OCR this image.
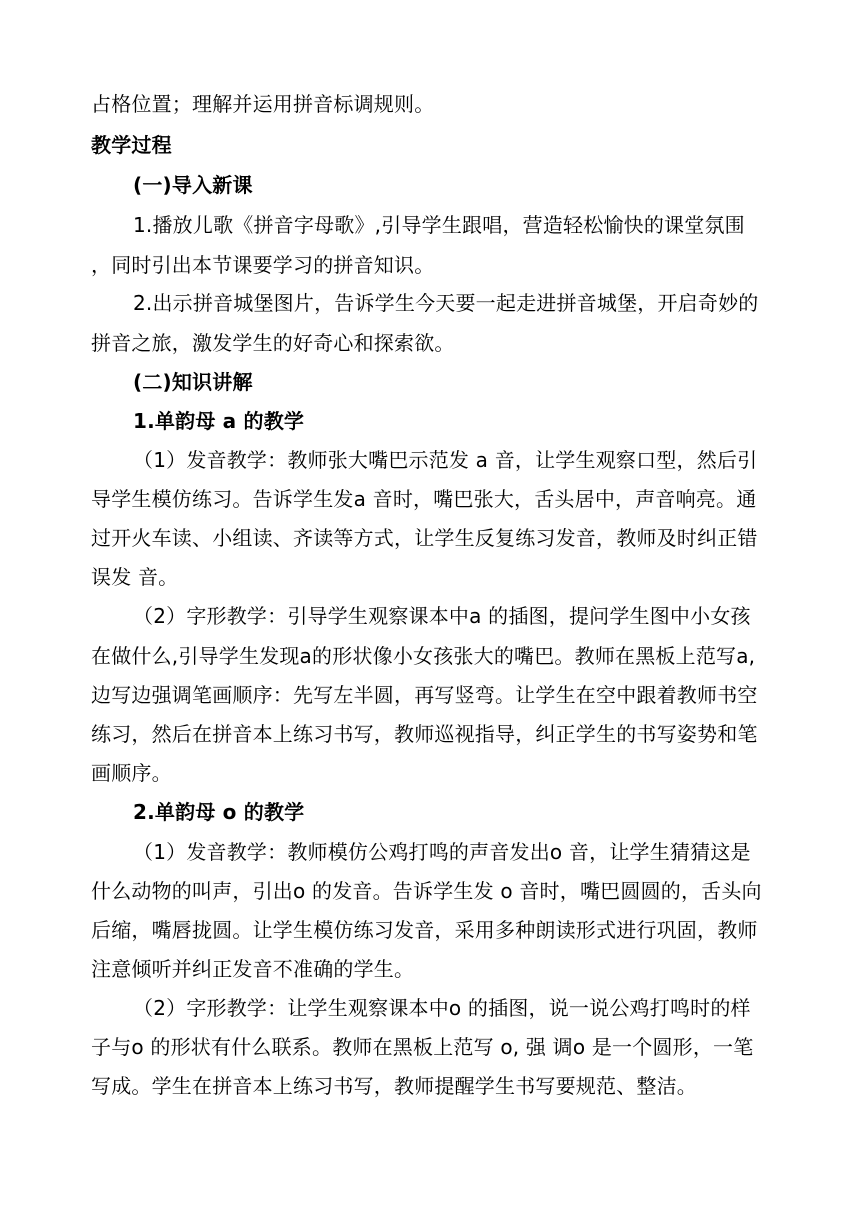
占格位置；理解并运用拼音标调规则。
教学过程
(一)导入新课
1.播放儿歌《拼音字母歌》,引导学生跟唱，营造轻松愉快的课堂氛围
，同时引出本节课要学习的拼音知识。
2.出示拼音城堡图片，告诉学生今天要一起走进拼音城堡，开启奇妙的
拼音之旅，激发学生的好奇心和探索欲。
(二)知识讲解
1.单韵母 a 的教学
（1）发音教学：教师张大嘴巴示范发 a 音，让学生观察口型，然后引
导学生模仿练习。告诉学生发a 音时，嘴巴张大，舌头居中，声音响亮。通
过开火车读、小组读、齐读等方式，让学生反复练习发音，教师及时纠正错
误发 音。
（2）字形教学：引导学生观察课本中a 的插图，提问学生图中小女孩
在做什么,引导学生发现a的形状像小女孩张大的嘴巴。教师在黑板上范写a,
边写边强调笔画顺序：先写左半圆，再写竖弯。让学生在空中跟着教师书空
练习，然后在拼音本上练习书写，教师巡视指导，纠正学生的书写姿势和笔
画顺序。
2.单韵母 o 的教学
（1）发音教学：教师模仿公鸡打鸣的声音发出o 音，让学生猜猜这是
什么动物的叫声，引出o 的发音。告诉学生发 o 音时，嘴巴圆圆的，舌头向
后缩，嘴唇拢圆。让学生模仿练习发音，采用多种朗读形式进行巩固，教师
注意倾听并纠正发音不准确的学生。
（2）字形教学：让学生观察课本中o 的插图，说一说公鸡打鸣时的样
子与o 的形状有什么联系。教师在黑板上范写 o, 强 调o 是一个圆形，一笔
写成。学生在拼音本上练习书写，教师提醒学生书写要规范、整洁。
